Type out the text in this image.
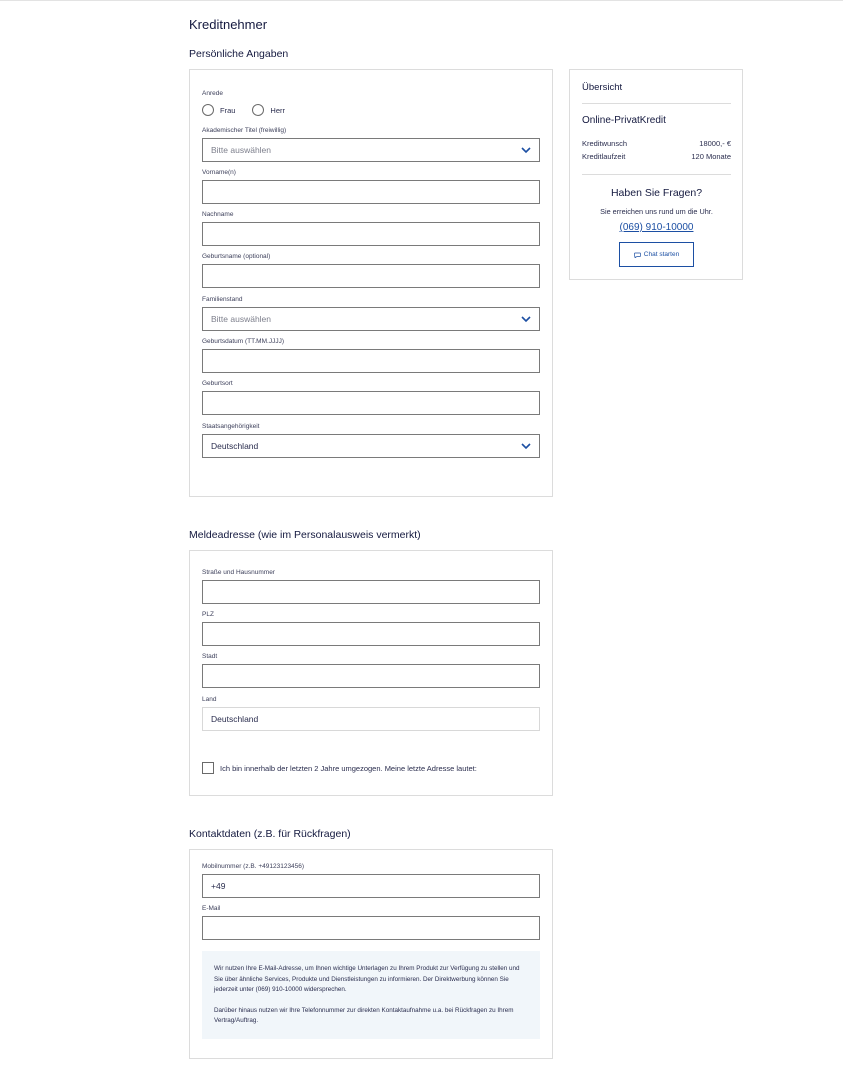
Kreditnehmer
Persönliche Angaben
Anrede
Frau	Herr
Akademischer Titel (freiwillig)
Bitte auswählen
Vorname(n)
Nachname
Geburtsname (optional)
Familienstand
Bitte auswählen
Geburtsdatum (TT.MM.JJJJ)
Geburtsort
Staatsangehörigkeit
Deutschland
Meldeadresse (wie im Personalausweis vermerkt)
Straße und Hausnummer
PLZ
Stadt
Land
Deutschland
Ich bin innerhalb der letzten 2 Jahre umgezogen. Meine letzte Adresse lautet:
Kontaktdaten (z.B. für Rückfragen)
Mobilnummer (z.B. +49123123456)
+49
E-Mail

Wir nutzen Ihre E-Mail-Adresse, um Ihnen wichtige Unterlagen zu Ihrem Produkt zur Verfügung zu stellen und Sie über ähnliche Services, Produkte und Dienstleistungen zu informieren. Der Direktwerbung können Sie jederzeit unter (069) 910-10000 widersprechen.

Darüber hinaus nutzen wir Ihre Telefonnummer zur direkten Kontaktaufnahme u.a. bei Rückfragen zu Ihrem Vertrag/Auftrag.

Übersicht
Online-PrivatKredit
Kreditwunsch	18000,- €
Kreditlaufzeit	120 Monate
Haben Sie Fragen?
Sie erreichen uns rund um die Uhr.
(069) 910-10000
Chat starten
